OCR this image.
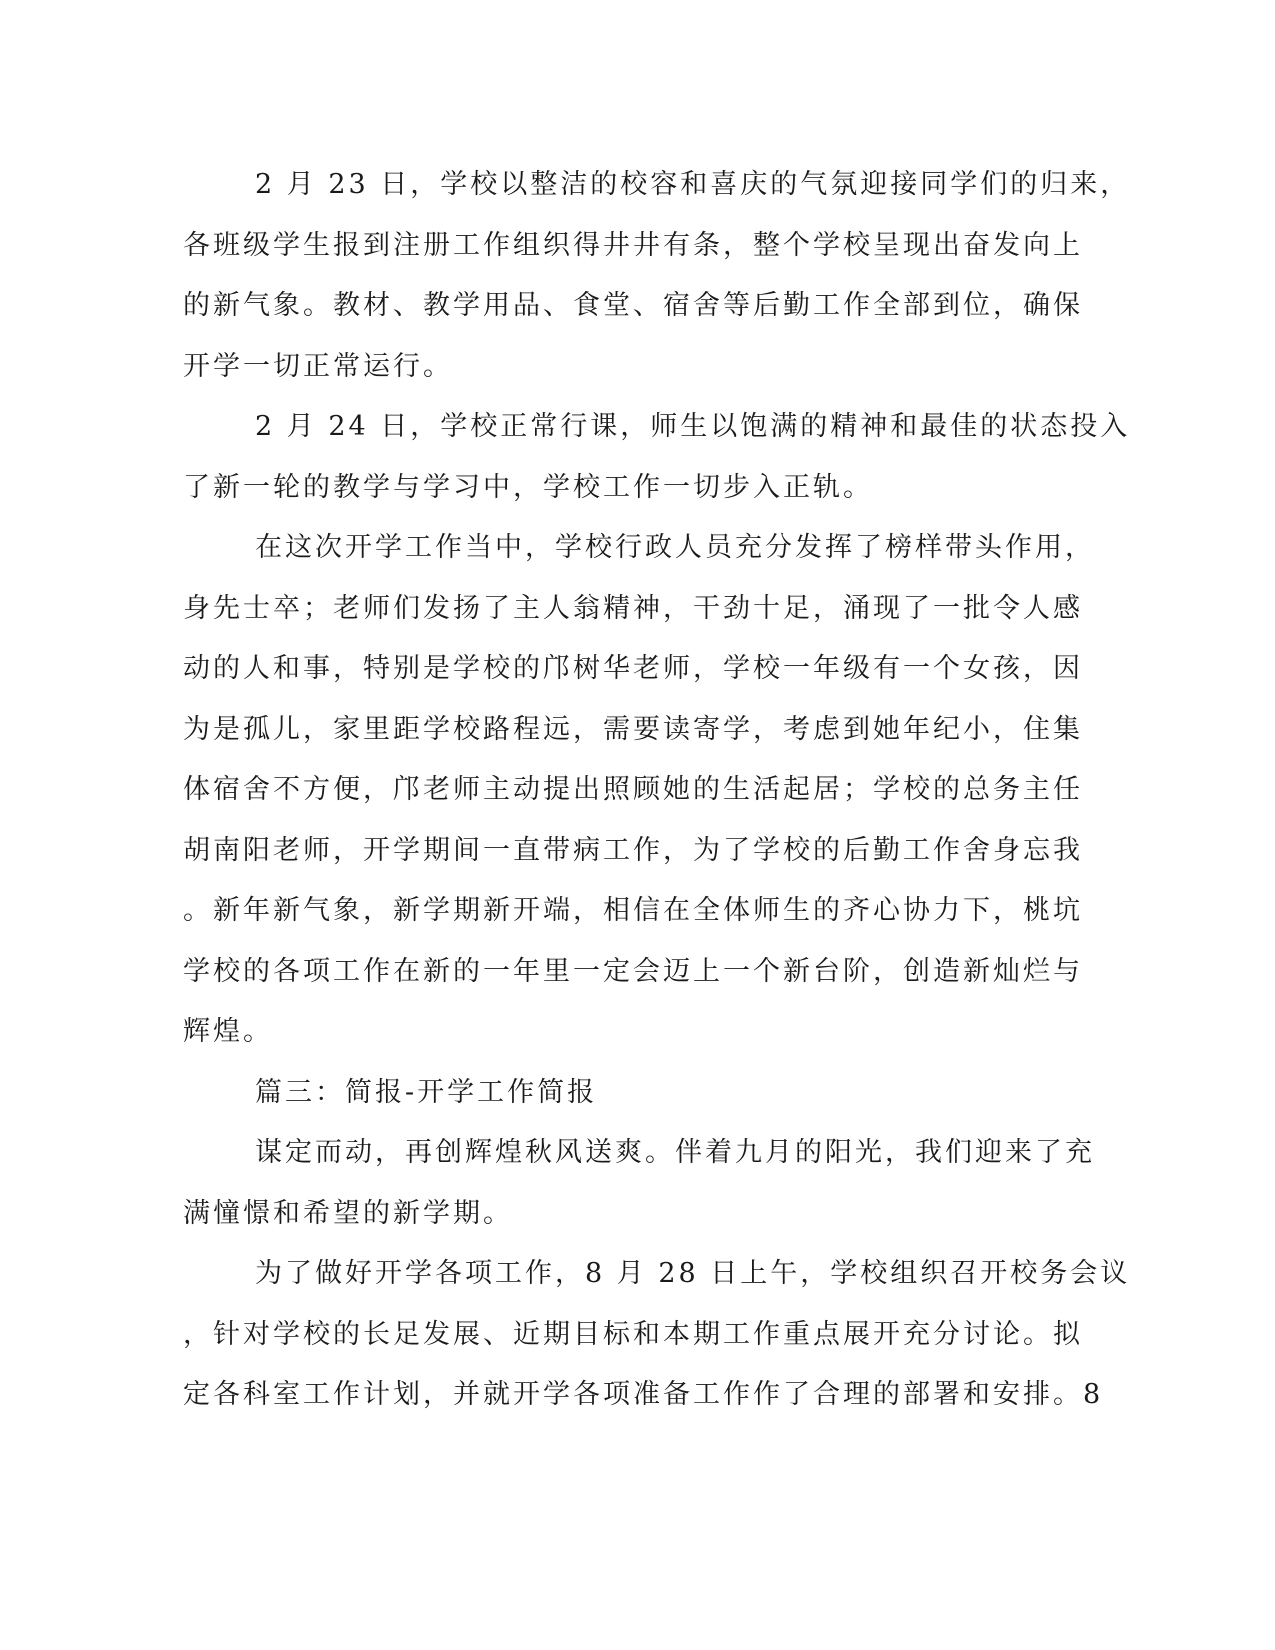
2 月 23 日，学校以整洁的校容和喜庆的气氛迎接同学们的归来，
各班级学生报到注册工作组织得井井有条，整个学校呈现出奋发向上
的新气象。教材、教学用品、食堂、宿舍等后勤工作全部到位，确保
开学一切正常运行。
2 月 24 日，学校正常行课，师生以饱满的精神和最佳的状态投入
了新一轮的教学与学习中，学校工作一切步入正轨。
在这次开学工作当中，学校行政人员充分发挥了榜样带头作用，
身先士卒；老师们发扬了主人翁精神，干劲十足，涌现了一批令人感
动的人和事，特别是学校的邝树华老师，学校一年级有一个女孩，因
为是孤儿，家里距学校路程远，需要读寄学，考虑到她年纪小，住集
体宿舍不方便，邝老师主动提出照顾她的生活起居；学校的总务主任
胡南阳老师，开学期间一直带病工作，为了学校的后勤工作舍身忘我
。新年新气象，新学期新开端，相信在全体师生的齐心协力下，桃坑
学校的各项工作在新的一年里一定会迈上一个新台阶，创造新灿烂与
辉煌。
篇三：简报-开学工作简报
谋定而动，再创辉煌秋风送爽。伴着九月的阳光，我们迎来了充
满憧憬和希望的新学期。
为了做好开学各项工作，8 月 28 日上午，学校组织召开校务会议
，针对学校的长足发展、近期目标和本期工作重点展开充分讨论。拟
定各科室工作计划，并就开学各项准备工作作了合理的部署和安排。8
